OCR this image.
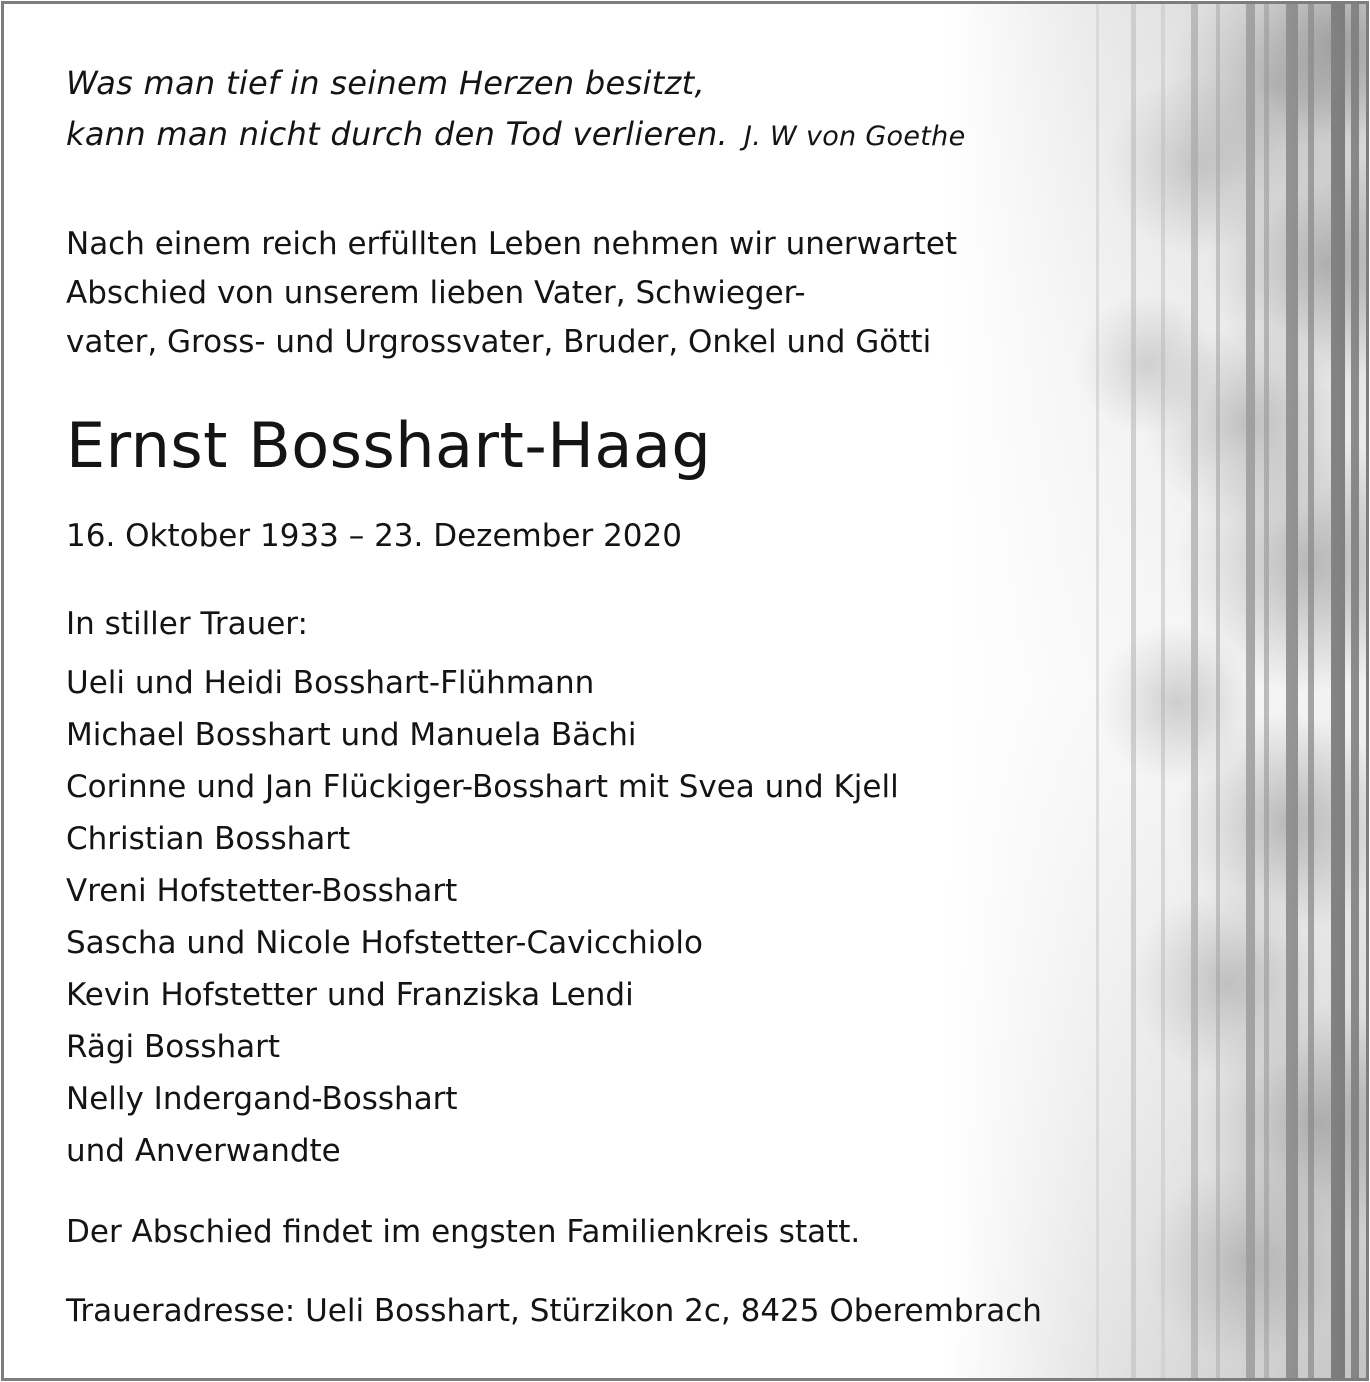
Was man tief in seinem Herzen besitzt,
kann man nicht durch den Tod verlieren. J. W von Goethe
Nach einem reich erfüllten Leben nehmen wir unerwartet
Abschied von unserem lieben Vater, Schwieger-
vater, Gross- und Urgrossvater, Bruder, Onkel und Götti
Ernst Bosshart-Haag
16. Oktober 1933 – 23. Dezember 2020
In stiller Trauer:
Ueli und Heidi Bosshart-Flühmann
Michael Bosshart und Manuela Bächi
Corinne und Jan Flückiger-Bosshart mit Svea und Kjell
Christian Bosshart
Vreni Hofstetter-Bosshart
Sascha und Nicole Hofstetter-Cavicchiolo
Kevin Hofstetter und Franziska Lendi
Rägi Bosshart
Nelly Indergand-Bosshart
und Anverwandte
Der Abschied findet im engsten Familienkreis statt.
Traueradresse: Ueli Bosshart, Stürzikon 2c, 8425 Oberembrach
